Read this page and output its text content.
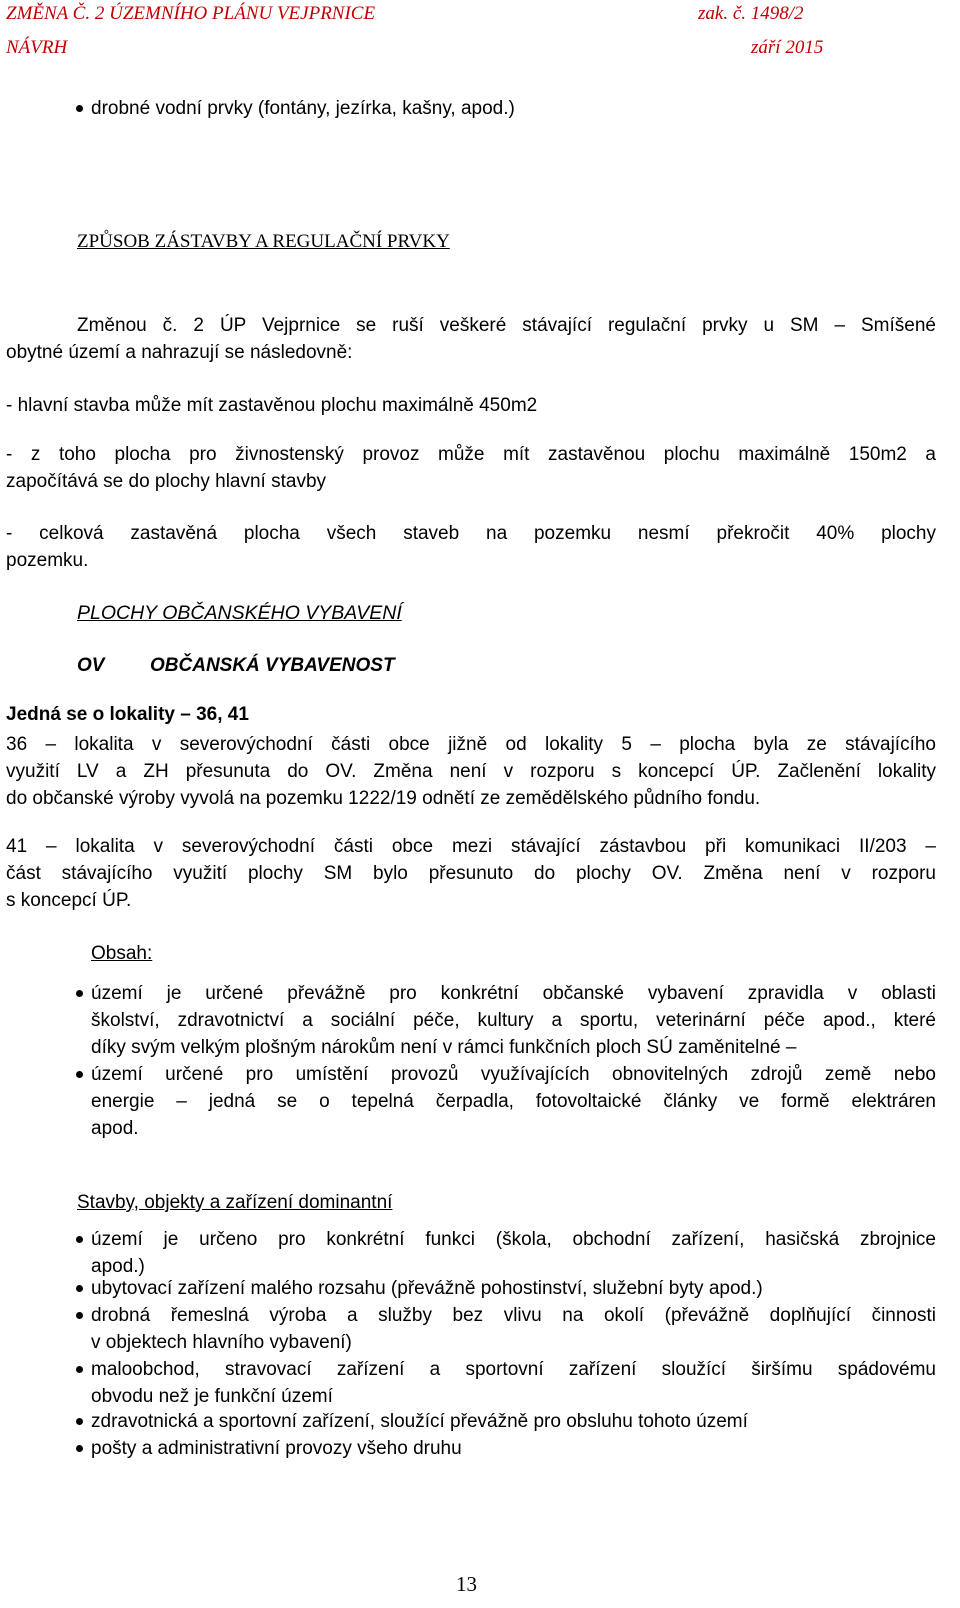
ZMĚNA Č. 2 ÚZEMNÍHO PLÁNU VEJPRNICE	zak. č. 1498/2
NÁVRH	září 2015
drobné vodní prvky (fontány, jezírka, kašny, apod.)
ZPŮSOB ZÁSTAVBY A REGULAČNÍ PRVKY
Změnou č. 2 ÚP Vejprnice se ruší veškeré stávající regulační prvky u SM – Smíšené
obytné území a nahrazují se následovně:
- hlavní stavba může mít zastavěnou plochu maximálně 450m2
- z toho plocha pro živnostenský provoz může mít zastavěnou plochu maximálně 150m2 a
započítává se do plochy hlavní stavby
- celková zastavěná plocha všech staveb na pozemku nesmí překročit 40% plochy
pozemku.
PLOCHY OBČANSKÉHO VYBAVENÍ
OV OBČANSKÁ VYBAVENOST
Jedná se o lokality – 36, 41
36 – lokalita v severovýchodní části obce jižně od lokality 5 – plocha byla ze stávajícího
využití LV a ZH přesunuta do OV. Změna není v rozporu s koncepcí ÚP. Začlenění lokality
do občanské výroby vyvolá na pozemku 1222/19 odnětí ze zemědělského půdního fondu.
41 – lokalita v severovýchodní části obce mezi stávající zástavbou při komunikaci II/203 –
část stávajícího využití plochy SM bylo přesunuto do plochy OV. Změna není v rozporu
s koncepcí ÚP.
Obsah:
území je určené převážně pro konkrétní občanské vybavení zpravidla v oblasti
školství, zdravotnictví a sociální péče, kultury a sportu, veterinární péče apod., které
díky svým velkým plošným nárokům není v rámci funkčních ploch SÚ zaměnitelné –
území určené pro umístění provozů využívajících obnovitelných zdrojů země nebo
energie – jedná se o tepelná čerpadla, fotovoltaické články ve formě elektráren
apod.
Stavby, objekty a zařízení dominantní
území je určeno pro konkrétní funkci (škola, obchodní zařízení, hasičská zbrojnice
apod.)
ubytovací zařízení malého rozsahu (převážně pohostinství, služební byty apod.)
drobná řemeslná výroba a služby bez vlivu na okolí (převážně doplňující činnosti
v objektech hlavního vybavení)
maloobchod, stravovací zařízení a sportovní zařízení sloužící širšímu spádovému
obvodu než je funkční území
zdravotnická a sportovní zařízení, sloužící převážně pro obsluhu tohoto území
pošty a administrativní provozy všeho druhu
13
